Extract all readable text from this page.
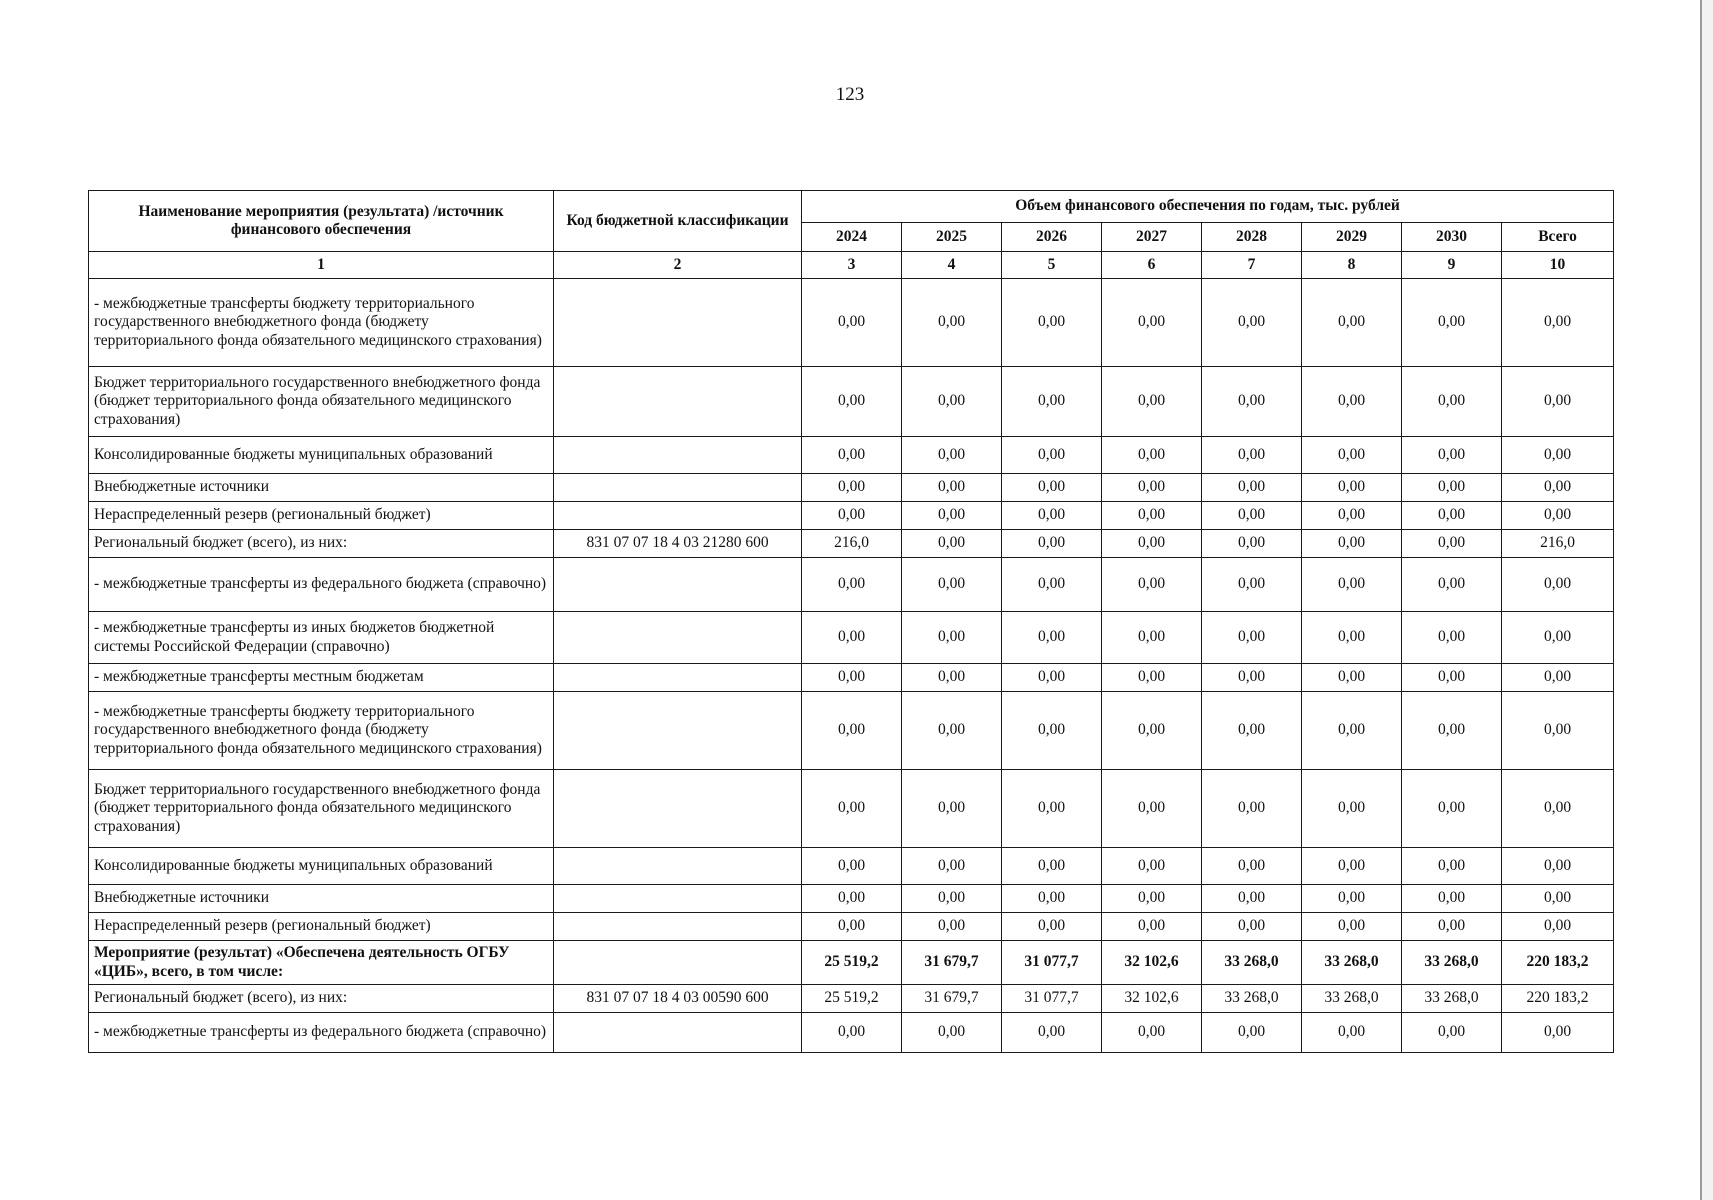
123
Наименование мероприятия (результата) /источник финансового обеспечения	Код бюджетной классификации	Объем финансового обеспечения по годам, тыс. рублей							
		2024	2025	2026	2027	2028	2029	2030	Всего
1	2	3	4	5	6	7	8	9	10
- межбюджетные трансферты бюджету территориального государственного внебюджетного фонда (бюджету территориального фонда обязательного медицинского страхования)		0,00	0,00	0,00	0,00	0,00	0,00	0,00	0,00
Бюджет территориального государственного внебюджетного фонда (бюджет территориального фонда обязательного медицинского страхования)		0,00	0,00	0,00	0,00	0,00	0,00	0,00	0,00
Консолидированные бюджеты муниципальных образований		0,00	0,00	0,00	0,00	0,00	0,00	0,00	0,00
Внебюджетные источники		0,00	0,00	0,00	0,00	0,00	0,00	0,00	0,00
Нераспределенный резерв (региональный бюджет)		0,00	0,00	0,00	0,00	0,00	0,00	0,00	0,00
Региональный бюджет (всего), из них:	831 07 07 18 4 03 21280 600	216,0	0,00	0,00	0,00	0,00	0,00	0,00	216,0
- межбюджетные трансферты из федерального бюджета (справочно)		0,00	0,00	0,00	0,00	0,00	0,00	0,00	0,00
- межбюджетные трансферты из иных бюджетов бюджетной системы Российской Федерации (справочно)		0,00	0,00	0,00	0,00	0,00	0,00	0,00	0,00
- межбюджетные трансферты местным бюджетам		0,00	0,00	0,00	0,00	0,00	0,00	0,00	0,00
- межбюджетные трансферты бюджету территориального государственного внебюджетного фонда (бюджету территориального фонда обязательного медицинского страхования)		0,00	0,00	0,00	0,00	0,00	0,00	0,00	0,00
Бюджет территориального государственного внебюджетного фонда (бюджет территориального фонда обязательного медицинского страхования)		0,00	0,00	0,00	0,00	0,00	0,00	0,00	0,00
Консолидированные бюджеты муниципальных образований		0,00	0,00	0,00	0,00	0,00	0,00	0,00	0,00
Внебюджетные источники		0,00	0,00	0,00	0,00	0,00	0,00	0,00	0,00
Нераспределенный резерв (региональный бюджет)		0,00	0,00	0,00	0,00	0,00	0,00	0,00	0,00
Мероприятие (результат) «Обеспечена деятельность ОГБУ «ЦИБ», всего, в том числе:		25 519,2	31 679,7	31 077,7	32 102,6	33 268,0	33 268,0	33 268,0	220 183,2
Региональный бюджет (всего), из них:	831 07 07 18 4 03 00590 600	25 519,2	31 679,7	31 077,7	32 102,6	33 268,0	33 268,0	33 268,0	220 183,2
- межбюджетные трансферты из федерального бюджета (справочно)		0,00	0,00	0,00	0,00	0,00	0,00	0,00	0,00
